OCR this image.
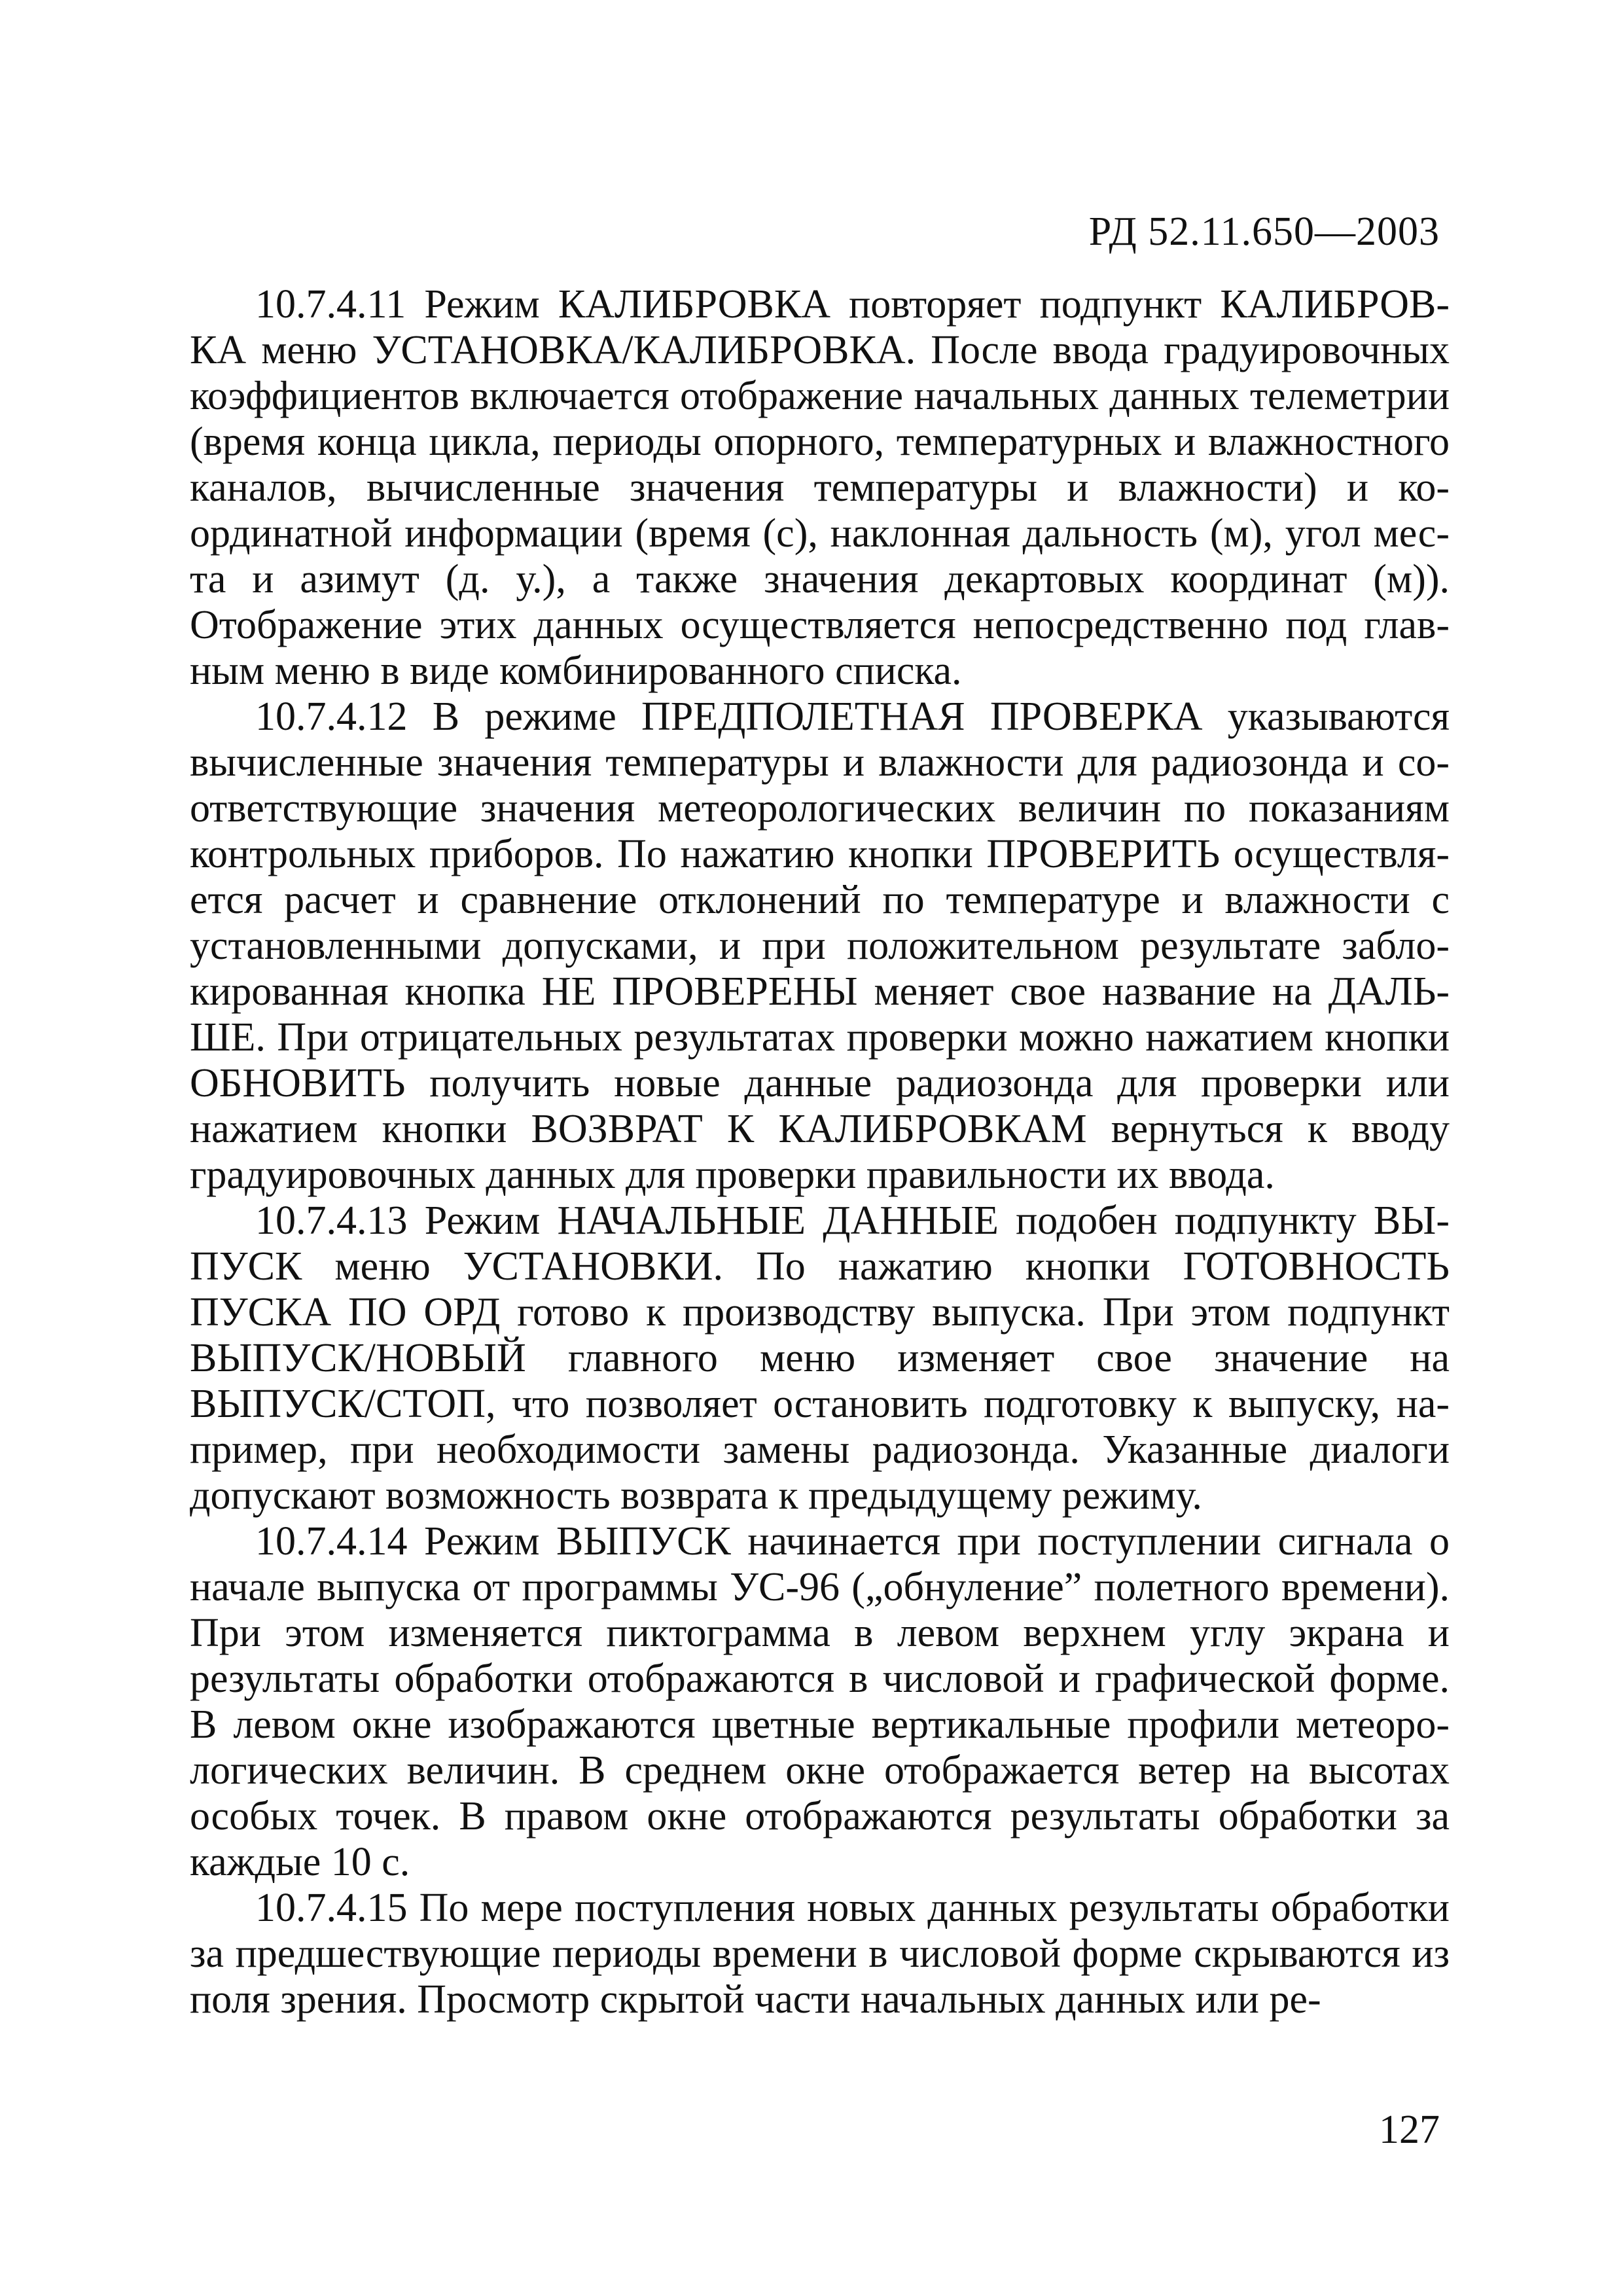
РД 52.11.650—2003

10.7.4.11 Режим КАЛИБРОВКА повторяет подпункт КАЛИБРОВКА меню УСТАНОВКА/КАЛИБРОВКА. После ввода градуировочных коэффициентов включается отображение начальных данных телеметрии (время конца цикла, периоды опорного, температурных и влажностного каналов, вычисленные значения температуры и влажности) и координатной информации (время (с), наклонная дальность (м), угол места и азимут (д. у.), а также значения декартовых координат (м)). Отображение этих данных осуществляется непосредственно под главным меню в виде комбинированного списка.

10.7.4.12 В режиме ПРЕДПОЛЕТНАЯ ПРОВЕРКА указываются вычисленные значения температуры и влажности для радиозонда и соответствующие значения метеорологических величин по показаниям контрольных приборов. По нажатию кнопки ПРОВЕРИТЬ осуществляется расчет и сравнение отклонений по температуре и влажности с установленными допусками, и при положительном результате заблокированная кнопка НЕ ПРОВЕРЕНЫ меняет свое название на ДАЛЬШЕ. При отрицательных результатах проверки можно нажатием кнопки ОБНОВИТЬ получить новые данные радиозонда для проверки или нажатием кнопки ВОЗВРАТ К КАЛИБРОВКАМ вернуться к вводу градуировочных данных для проверки правильности их ввода.

10.7.4.13 Режим НАЧАЛЬНЫЕ ДАННЫЕ подобен подпункту ВЫПУСК меню УСТАНОВКИ. По нажатию кнопки ГОТОВНОСТЬ ПУСКА ПО ОРД готово к производству выпуска. При этом подпункт ВЫПУСК/НОВЫЙ главного меню изменяет свое значение на ВЫПУСК/СТОП, что позволяет остановить подготовку к выпуску, например, при необходимости замены радиозонда. Указанные диалоги допускают возможность возврата к предыдущему режиму.

10.7.4.14 Режим ВЫПУСК начинается при поступлении сигнала о начале выпуска от программы УС-96 („обнуление” полетного времени). При этом изменяется пиктограмма в левом верхнем углу экрана и результаты обработки отображаются в числовой и графической форме. В левом окне изображаются цветные вертикальные профили метеорологических величин. В среднем окне отображается ветер на высотах особых точек. В правом окне отображаются результаты обработки за каждые 10 с.

10.7.4.15 По мере поступления новых данных результаты обработки за предшествующие периоды времени в числовой форме скрываются из поля зрения. Просмотр скрытой части начальных данных или ре-

127
